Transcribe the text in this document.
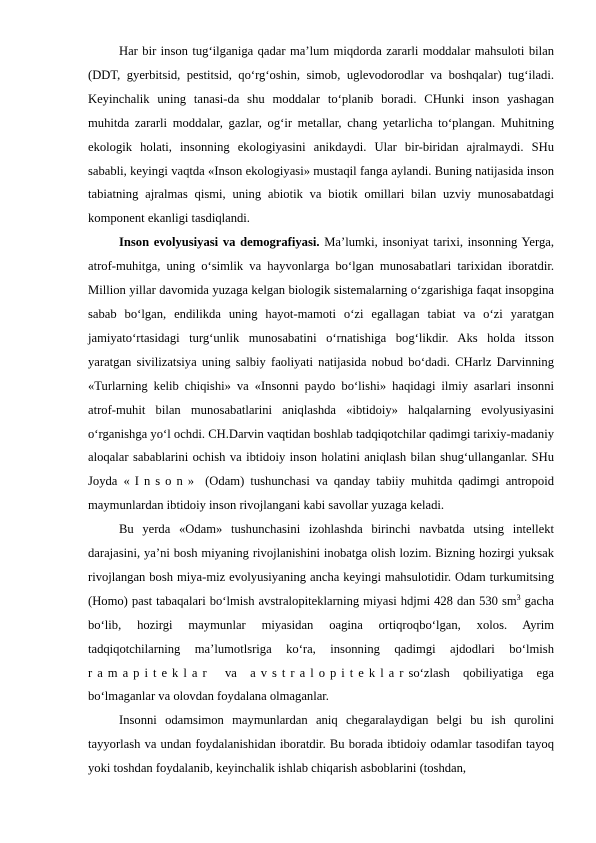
Har bir inson tug‘ilganiga qadar ma’lum miqdorda zararli moddalar mahsuloti bilan (DDT, gyerbitsid, pestitsid, qo‘rg‘oshin, simob, uglevodorodlar va boshqalar) tug‘iladi. Keyinchalik uning tanasi-da shu moddalar to‘planib boradi. CHunki inson yashagan muhitda zararli moddalar, gazlar, og‘ir metallar, chang yetarlicha to‘plangan. Muhitning ekologik holati, insonning ekologiyasini anikdaydi. Ular bir-biridan ajralmaydi. SHu sababli, keyingi vaqtda «Inson ekologiyasi» mustaqil fanga aylandi. Buning natijasida inson tabiatning ajralmas qismi, uning abiotik va biotik omillari bilan uzviy munosabatdagi komponent ekanligi tasdiqlandi.

Inson evolyusiyasi va demografiyasi. Ma’lumki, insoniyat tarixi, insonning Yerga, atrof-muhitga, uning o‘simlik va hayvonlarga bo‘lgan munosabatlari tarixidan iboratdir. Million yillar davomida yuzaga kelgan biologik sistemalarning o‘zgarishiga faqat insopgina sabab bo‘lgan, endilikda uning hayot-mamoti o‘zi egallagan tabiat va o‘zi yaratgan jamiyato‘rtasidagi turg‘unlik munosabatini o‘rnatishiga bog‘likdir. Aks holda itsson yaratgan sivilizatsiya uning salbiy faoliyati natijasida nobud bo‘dadi. CHarlz Darvinning «Turlarning kelib chiqishi» va «Insonni paydo bo‘lishi» haqidagi ilmiy asarlari insonni atrof-muhit bilan munosabatlarini aniqlashda «ibtidoiy» halqalarning evolyusiyasini o‘rganishga yo‘l ochdi. CH.Darvin vaqtidan boshlab tadqiqotchilar qadimgi tarixiy-madaniy aloqalar sabablarini ochish va ibtidoiy inson holatini aniqlash bilan shug‘ullanganlar. SHu Joyda «Inson» (Odam) tushunchasi va qanday tabiiy muhitda qadimgi antropoid maymunlardan ibtidoiy inson rivojlangani kabi savollar yuzaga keladi.

Bu yerda «Odam» tushunchasini izohlashda birinchi navbatda utsing intellekt darajasini, ya’ni bosh miyaning rivojlanishini inobatga olish lozim. Bizning hozirgi yuksak rivojlangan bosh miya-miz evolyusiyaning ancha keyingi mahsulotidir. Odam turkumitsing (Homo) past tabaqalari bo‘lmish avstralopiteklarning miyasi hdjmi 428 dan 530 $sm^3$ gacha bo‘lib, hozirgi maymunlar miyasidan oagina ortiqroqbo‘lgan, xolos. Ayrim tadqiqotchilarning ma’lumotlsriga ko‘ra, insonning qadimgi ajdodlari bo‘lmish ramapiteklar va avstralopiteklarso‘zlash qobiliyatiga ega bo‘lmaganlar va olovdan foydalana olmaganlar.

Insonni odamsimon maymunlardan aniq chegaralaydigan belgi bu ish qurolini tayyorlash va undan foydalanishidan iboratdir. Bu borada ibtidoiy odamlar tasodifan tayoq yoki toshdan foydalanib, keyinchalik ishlab chiqarish asboblarini (toshdan,
